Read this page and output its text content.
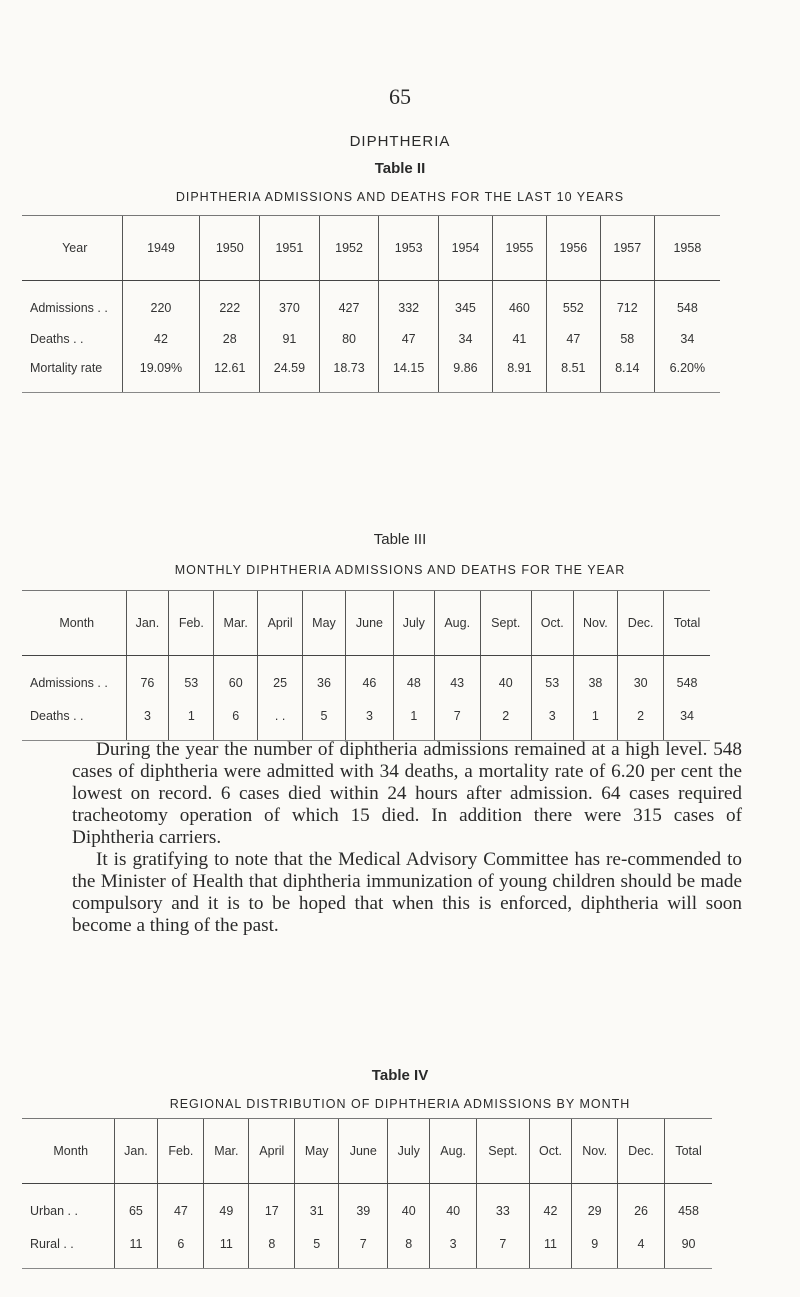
65
DIPHTHERIA
Table II
DIPHTHERIA ADMISSIONS AND DEATHS FOR THE LAST 10 YEARS
Year	1949	1950	1951	1952	1953	1954	1955	1956	1957	1958
Admissions . .	220	222	370	427	332	345	460	552	712	548
Deaths . .	42	28	91	80	47	34	41	47	58	34
Mortality rate	19.09%	12.61	24.59	18.73	14.15	9.86	8.91	8.51	8.14	6.20%
Table III
MONTHLY DIPHTHERIA ADMISSIONS AND DEATHS FOR THE YEAR
Month	Jan.	Feb.	Mar.	April	May	June	July	Aug.	Sept.	Oct.	Nov.	Dec.	Total
Admissions . .	76	53	60	25	36	46	48	43	40	53	38	30	548
Deaths . .	3	1	6	. .	5	3	1	7	2	3	1	2	34

During the year the number of diphtheria admissions remained at a high level. 548 cases of diphtheria were admitted with 34 deaths, a mortality rate of 6.20 per cent the lowest on record. 6 cases died within 24 hours after admission. 64 cases required tracheotomy operation of which 15 died. In addition there were 315 cases of Diphtheria carriers.

It is gratifying to note that the Medical Advisory Committee has re-commended to the Minister of Health that diphtheria immunization of young children should be made compulsory and it is to be hoped that when this is enforced, diphtheria will soon become a thing of the past.

Table IV
REGIONAL DISTRIBUTION OF DIPHTHERIA ADMISSIONS BY MONTH
Month	Jan.	Feb.	Mar.	April	May	June	July	Aug.	Sept.	Oct.	Nov.	Dec.	Total
Urban . .	65	47	49	17	31	39	40	40	33	42	29	26	458
Rural . .	11	6	11	8	5	7	8	3	7	11	9	4	90
